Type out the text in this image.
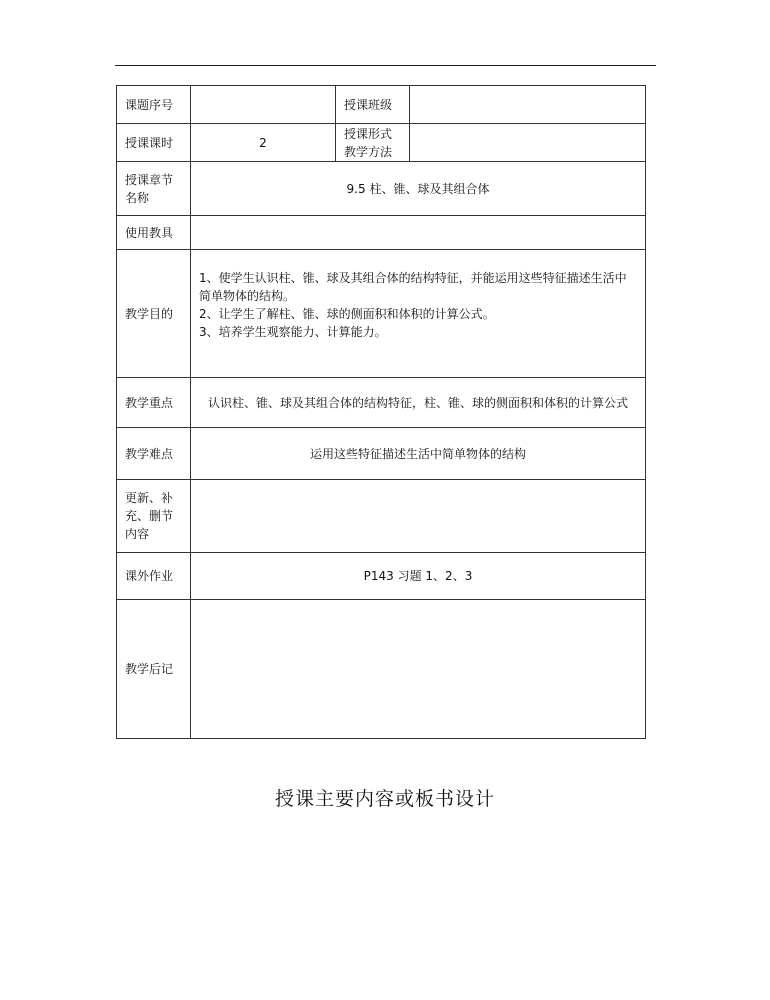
课题序号		授课班级	
授课课时	2	授课形式
教学方法	

授课章节名称	9.5 柱、锥、球及其组合体		
使用教具			
教学目的	1、使学生认识柱、锥、球及其组合体的结构特征，并能运用这些特征描述生活中简单物体的结构。
2、让学生了解柱、锥、球的侧面积和体积的计算公式。
3、培养学生观察能力、计算能力。		

教学重点	认识柱、锥、球及其组合体的结构特征，柱、锥、球的侧面积和体积的计算公式		
教学难点	运用这些特征描述生活中简单物体的结构		
更新、补充、删节内容			
课外作业	P143 习题 1、2、3		
教学后记			
授课主要内容或板书设计
